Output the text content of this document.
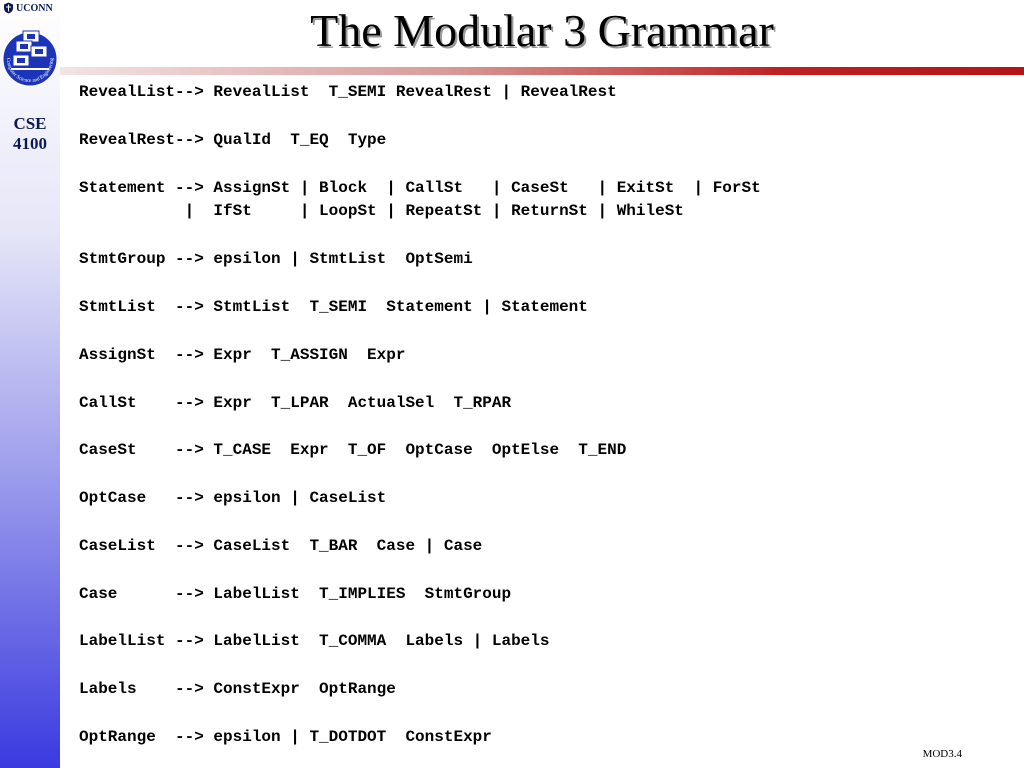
UCONN
Computer Science and Engineering
CSE
4100
The Modular 3 Grammar
RevealList--> RevealList  T_SEMI RevealRest | RevealRest
RevealRest--> QualId  T_EQ  Type
Statement --> AssignSt | Block  | CallSt   | CaseSt   | ExitSt  | ForSt
|  IfSt     | LoopSt | RepeatSt | ReturnSt | WhileSt
StmtGroup --> epsilon | StmtList  OptSemi
StmtList  --> StmtList  T_SEMI  Statement | Statement
AssignSt  --> Expr  T_ASSIGN  Expr
CallSt    --> Expr  T_LPAR  ActualSel  T_RPAR
CaseSt    --> T_CASE  Expr  T_OF  OptCase  OptElse  T_END
OptCase   --> epsilon | CaseList
CaseList  --> CaseList  T_BAR  Case | Case
Case      --> LabelList  T_IMPLIES  StmtGroup
LabelList --> LabelList  T_COMMA  Labels | Labels
Labels    --> ConstExpr  OptRange
OptRange  --> epsilon | T_DOTDOT  ConstExpr
MOD3.4
